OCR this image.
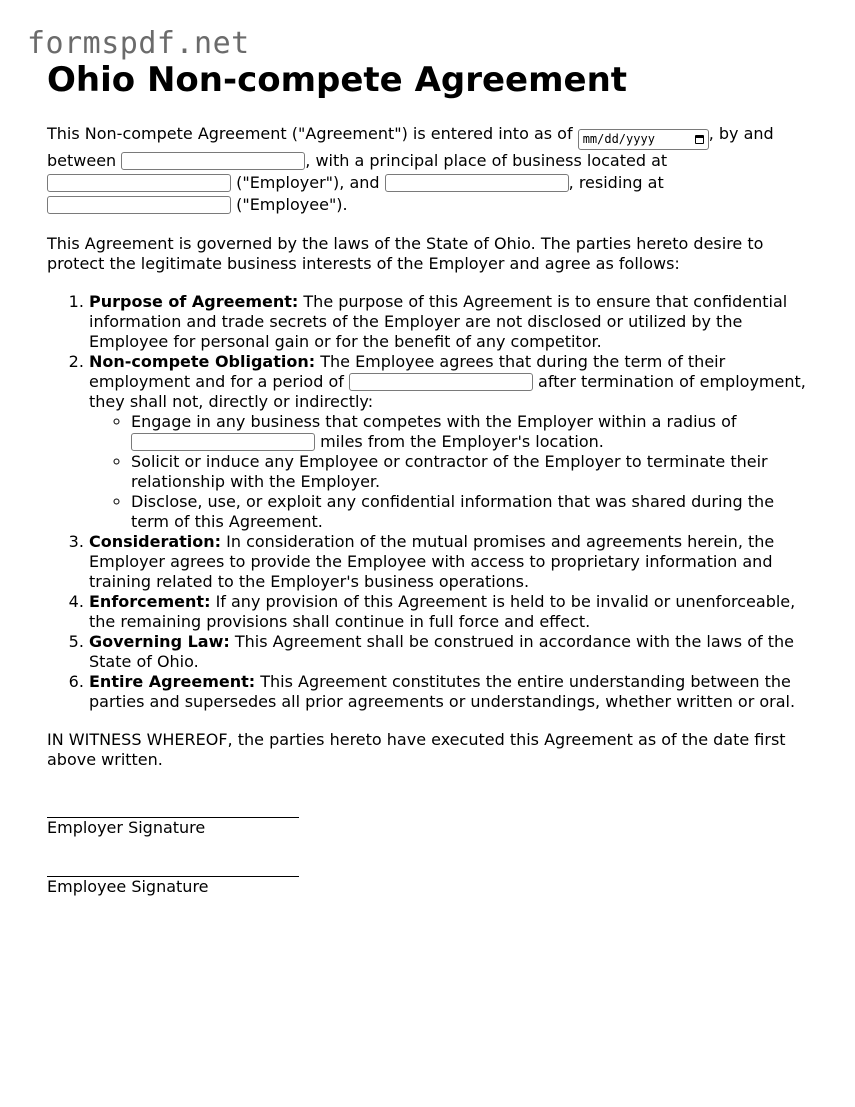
formspdf.net
Ohio Non-compete Agreement

This Non-compete Agreement ("Agreement") is entered into as of mm/dd/yyyy	, by and between	, with a principal place of business located at  ("Employer"), and	, residing at  ("Employee").

This Agreement is governed by the laws of the State of Ohio. The parties hereto desire to protect the legitimate business interests of the Employer and agree as follows:

1. Purpose of Agreement: The purpose of this Agreement is to ensure that confidential information and trade secrets of the Employer are not disclosed or utilized by the Employee for personal gain or for the benefit of any competitor.
2. Non-compete Obligation: The Employee agrees that during the term of their employment and for a period of	after termination of employment, they shall not, directly or indirectly:
◦ Engage in any business that competes with the Employer within a radius of  miles from the Employer's location.
◦ Solicit or induce any Employee or contractor of the Employer to terminate their relationship with the Employer.
◦ Disclose, use, or exploit any confidential information that was shared during the term of this Agreement.
3. Consideration: In consideration of the mutual promises and agreements herein, the Employer agrees to provide the Employee with access to proprietary information and training related to the Employer's business operations.
4. Enforcement: If any provision of this Agreement is held to be invalid or unenforceable, the remaining provisions shall continue in full force and effect.
5. Governing Law: This Agreement shall be construed in accordance with the laws of the State of Ohio.
6. Entire Agreement: This Agreement constitutes the entire understanding between the parties and supersedes all prior agreements or understandings, whether written or oral.

IN WITNESS WHEREOF, the parties hereto have executed this Agreement as of the date first above written.

Employer Signature
Employee Signature
